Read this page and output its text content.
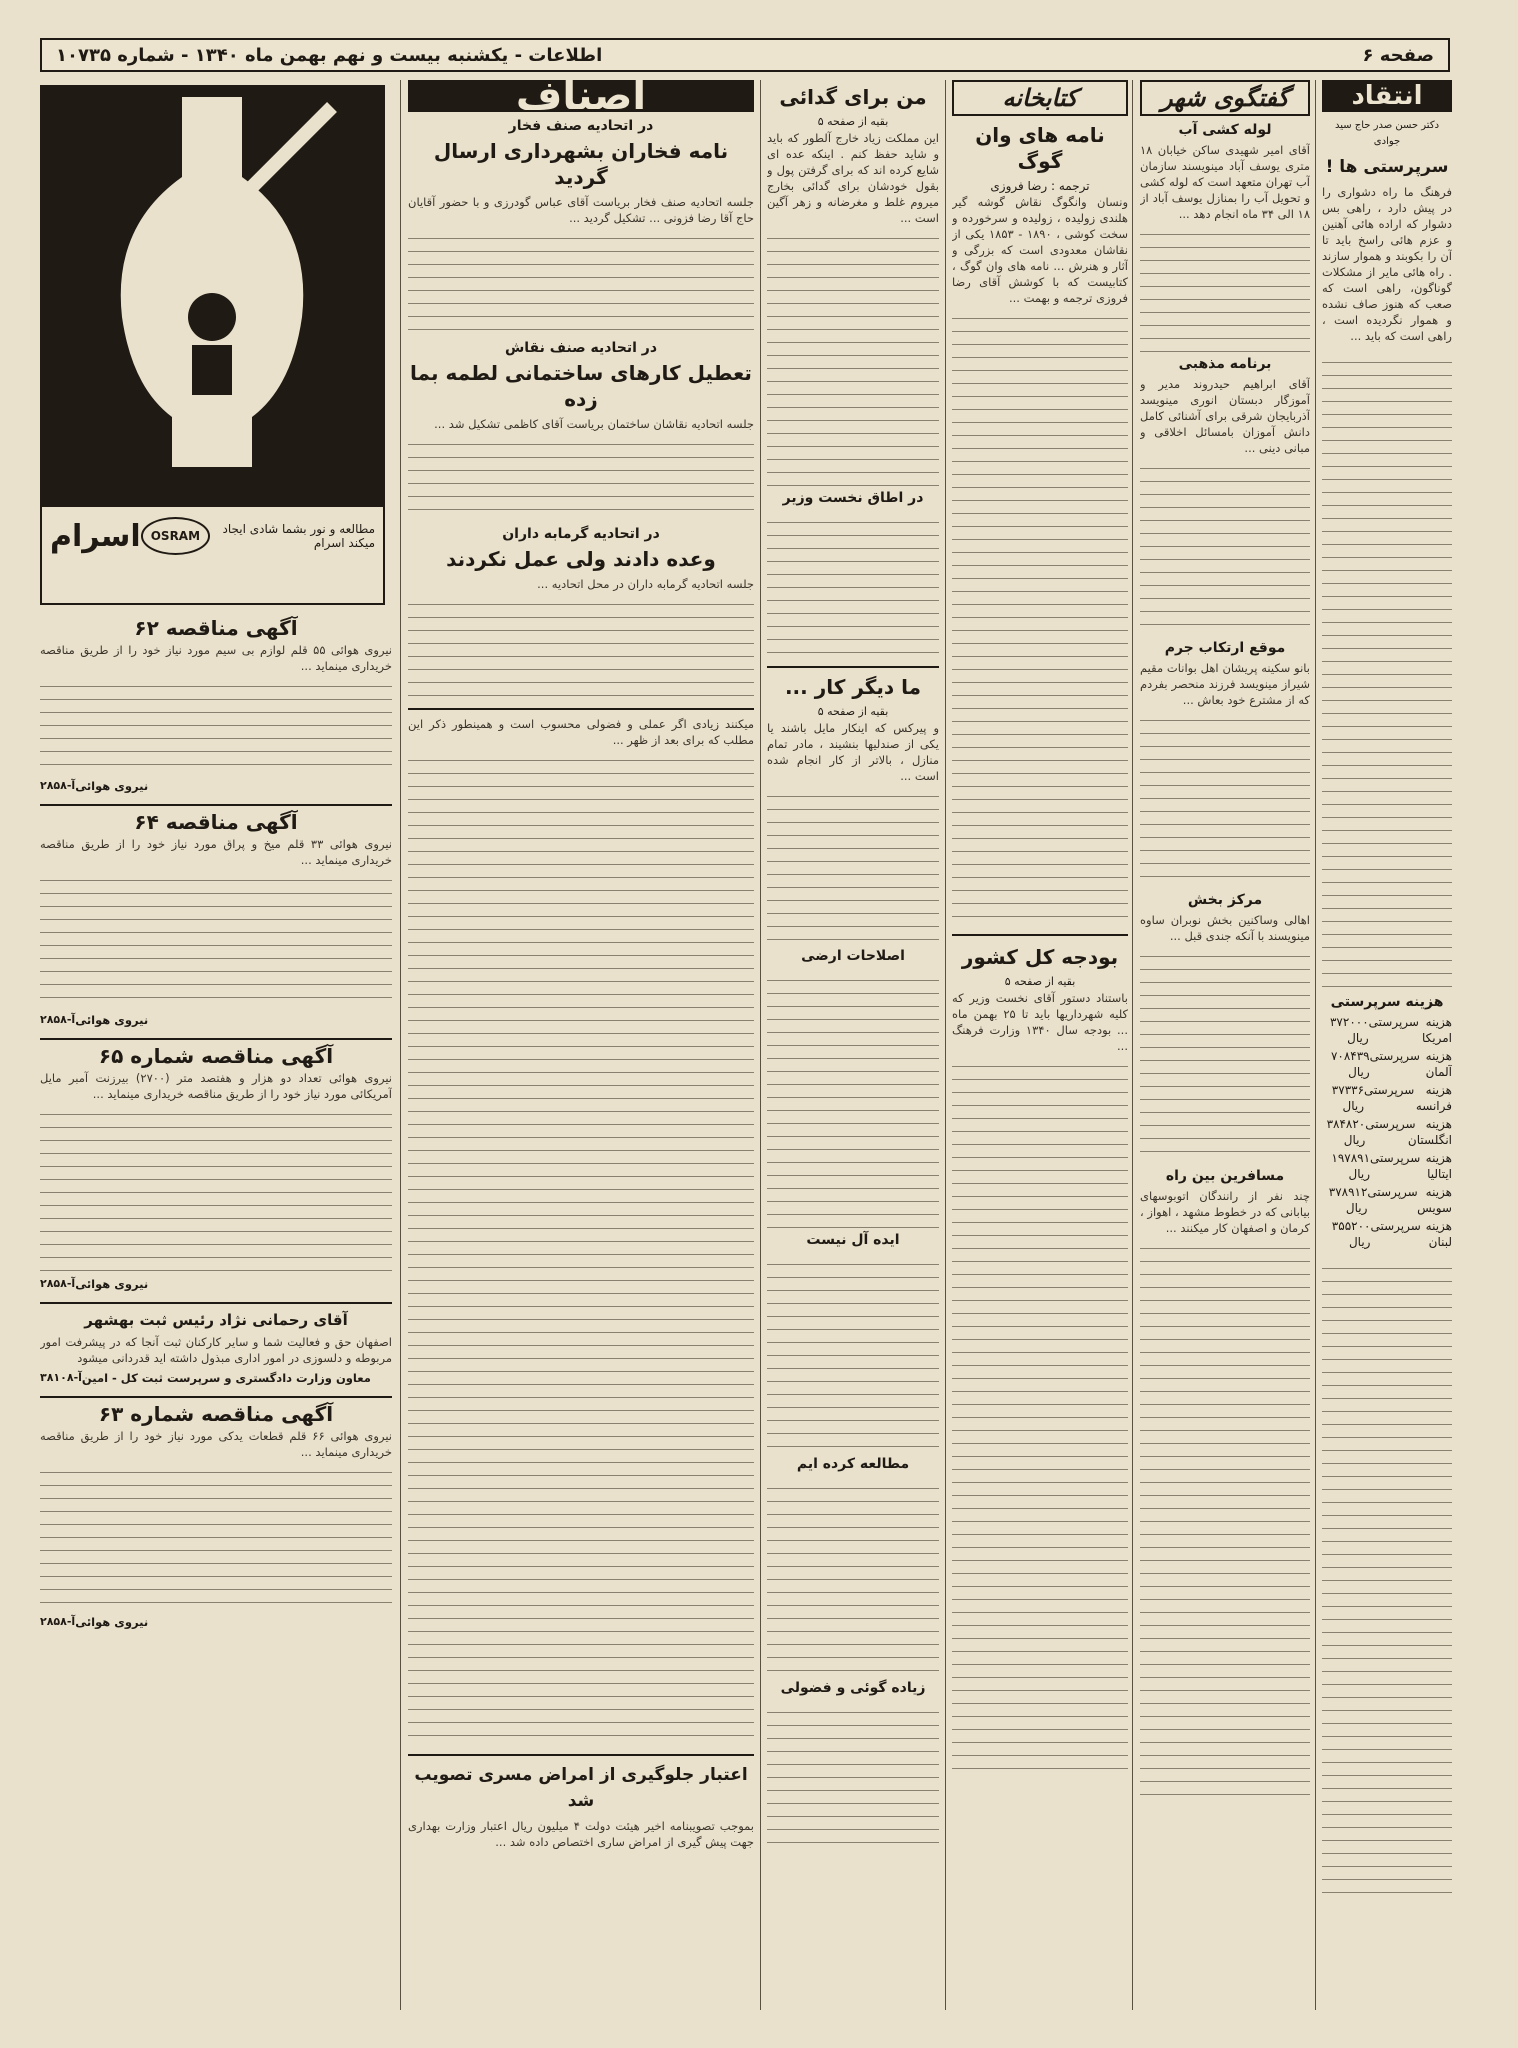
صفحه ۶
اطلاعات - یکشنبه بیست و نهم بهمن ماه ۱۳۴۰ - شماره ۱۰۷۳۵
انتقاد
دکتر حسن صدر حاج سید جوادی
سرپرستی ها !
فرهنگ ما راه دشواری را در پیش دارد ، راهی بس دشوار که اراده هائی آهنین و عزم هائی راسخ باید تا آن را بکوبند و هموار سازند . راه هائی مایر از مشکلات گوناگون، راهی است که صعب که هنوز صاف نشده و هموار نگردیده است ، راهی است که باید ...
هزینه سرپرستی
هزینه سرپرستی امریکا
۳۷۲۰۰۰ ریال
هزینه سرپرستی آلمان
۷۰۸۴۳۹ ریال
هزینه سرپرستی فرانسه
۳۷۳۳۶ ریال
هزینه سرپرستی انگلستان
۳۸۴۸۲۰ ریال
هزینه سرپرستی ایتالیا
۱۹۷۸۹۱ ریال
هزینه سرپرستی سویس
۳۷۸۹۱۲ ریال
هزینه سرپرستی لبنان
۳۵۵۲۰۰ ریال
گفتگوی شهر
لوله کشی آب
آقای امیر شهیدی ساکن خیابان ۱۸ متری یوسف آباد مینویسند سازمان آب تهران متعهد است که لوله کشی و تحویل آب را بمنازل یوسف آباد از ۱۸ الی ۳۴ ماه انجام دهد ...
برنامه مذهبی
آقای ابراهیم حیدروند مدیر و آموزگار دبستان انوری مینویسد آذربایجان شرقی برای آشنائی کامل دانش آموزان بامسائل اخلاقی و مبانی دینی ...
موقع ارتکاب جرم
بانو سکینه پریشان اهل بوانات مقیم شیراز مینویسد فرزند منحصر بفردم که از مشترع خود بعاش ...
مرکز بخش
اهالی وساکنین بخش نوبران ساوه مینویسند با آنکه جندی قبل ...
مسافرین بین راه
چند نفر از رانندگان اتوبوسهای بیابانی که در خطوط مشهد ، اهواز ، کرمان و اصفهان کار میکنند ...
کتابخانه
نامه های وان گوگ
ترجمه : رضا فروزی
ونسان وانگوگ نقاش گوشه گیر هلندی زولیده ، زولیده و سرخورده و سخت کوشی ، ۱۸۹۰ - ۱۸۵۳ یکی از نقاشان معدودی است که بزرگی و آثار و هنرش ... نامه های وان گوگ ، کتابیست که با کوشش آقای رضا فروزی ترجمه و بهمت ...
بودجه کل کشور
بقیه از صفحه ۵
باستناد دستور آقای نخست وزیر که کلیه شهرداریها باید تا ۲۵ بهمن ماه ... بودجه سال ۱۳۴۰ وزارت فرهنگ ...
من برای گدائی
بقیه از صفحه ۵
این مملکت زیاد خارج آلطور که باید و شاید حفظ کنم . اینکه عده ای شایع کرده اند که برای گرفتن پول و بقول خودشان برای گدائی بخارج میروم غلط و مغرضانه و زهر آگین است ...
در اطاق نخست وزیر
ما دیگر کار ...
بقیه از صفحه ۵
و پیرکس که اینکار مایل باشند یا یکی از صندلیها بنشیند ، مادر تمام منازل ، بالاتر از کار انجام شده است ...
اصلاحات ارضی
ایده آل نیست
مطالعه کرده ایم
زیاده گوئی و فضولی
اصناف
در اتحادیه صنف فخار
نامه فخاران بشهرداری ارسال گردید
جلسه اتحادیه صنف فخار بریاست آقای عباس گودرزی و با حضور آقایان حاج آقا رضا فزونی ... تشکیل گردید ...
در اتحادیه صنف نقاش
تعطیل کارهای ساختمانی لطمه بما زده
جلسه اتحادیه نقاشان ساختمان بریاست آقای کاظمی تشکیل شد ...
در اتحادیه گرمابه داران
وعده دادند ولی عمل نکردند
جلسه اتحادیه گرمابه داران در محل اتحادیه ...
میکنند زیادی اگر عملی و فضولی محسوب است و همینطور ذکر این مطلب که برای بعد از ظهر ...
اعتبار جلوگیری از امراض مسری تصویب شد
بموجب تصویبنامه اخیر هیئت دولت ۴ میلیون ریال اعتبار وزارت بهداری جهت پیش گیری از امراض ساری اختصاص داده شد ...
مطالعه و نور بشما شادی ایجاد میکند اسرام
OSRAM
اسرام
آگهی مناقصه ۶۲
نیروی هوائی ۵۵ قلم لوازم بی سیم مورد نیاز خود را از طریق مناقصه خریداری مینماید ...
آ-۲۸۵۸ نیروی هوائی
آگهی مناقصه ۶۴
نیروی هوائی ۳۳ قلم میخ و پراق مورد نیاز خود را از طریق مناقصه خریداری مینماید ...
آ-۲۸۵۸ نیروی هوائی
آگهی مناقصه شماره ۶۵
نیروی هوائی تعداد دو هزار و هفتصد متر (۲۷۰۰) بیرزنت آمبر مایل آمریکائی مورد نیاز خود را از طریق مناقصه خریداری مینماید ...
آ-۲۸۵۸ نیروی هوائی
آقای رحمانی نژاد رئیس ثبت بهشهر
اصفهان حق و فعالیت شما و سایر کارکنان ثبت آنجا که در پیشرفت امور مربوطه و دلسوزی در امور اداری مبذول داشته اید قدردانی میشود
آ-۳۸۱۰۸ معاون وزارت دادگستری و سرپرست ثبت کل - امین
آگهی مناقصه شماره ۶۳
نیروی هوائی ۶۶ قلم قطعات یدکی مورد نیاز خود را از طریق مناقصه خریداری مینماید ...
آ-۲۸۵۸ نیروی هوائی
